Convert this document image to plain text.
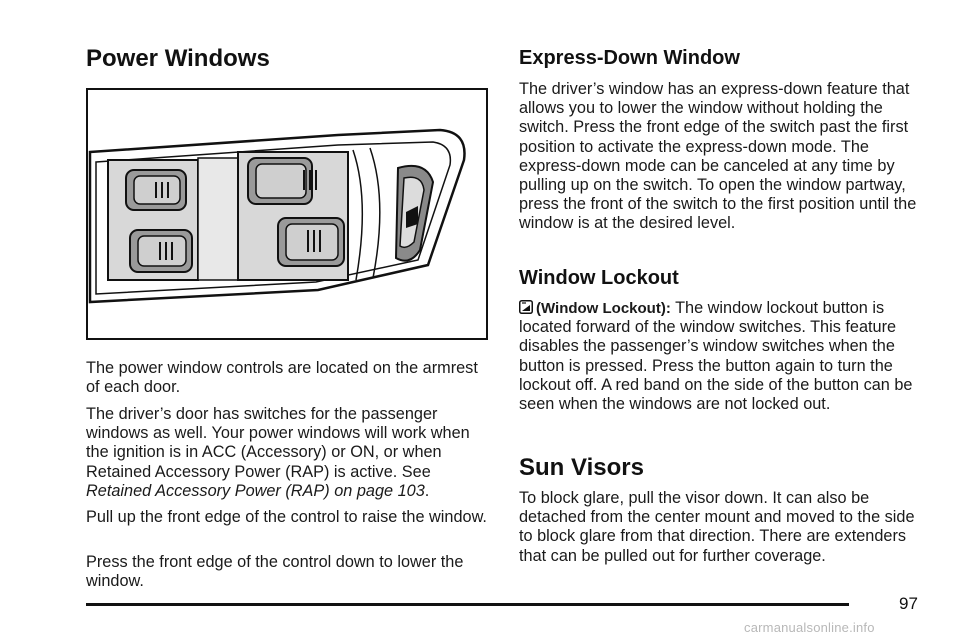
Power Windows

The power window controls are located on the armrest of each door.

The driver’s door has switches for the passenger windows as well. Your power windows will work when the ignition is in ACC (Accessory) or ON, or when Retained Accessory Power (RAP) is active. See Retained Accessory Power (RAP) on page 103.

Pull up the front edge of the control to raise the window.

Press the front edge of the control down to lower the window.

Express-Down Window

The driver’s window has an express-down feature that allows you to lower the window without holding the switch. Press the front edge of the switch past the first position to activate the express-down mode. The express-down mode can be canceled at any time by pulling up on the switch. To open the window partway, press the front of the switch to the first position until the window is at the desired level.

Window Lockout

(Window Lockout): The window lockout button is located forward of the window switches. This feature disables the passenger’s window switches when the button is pressed. Press the button again to turn the lockout off. A red band on the side of the button can be seen when the windows are not locked out.

Sun Visors

To block glare, pull the visor down. It can also be detached from the center mount and moved to the side to block glare from that direction. There are extenders that can be pulled out for further coverage.

97
carmanualsonline.info
